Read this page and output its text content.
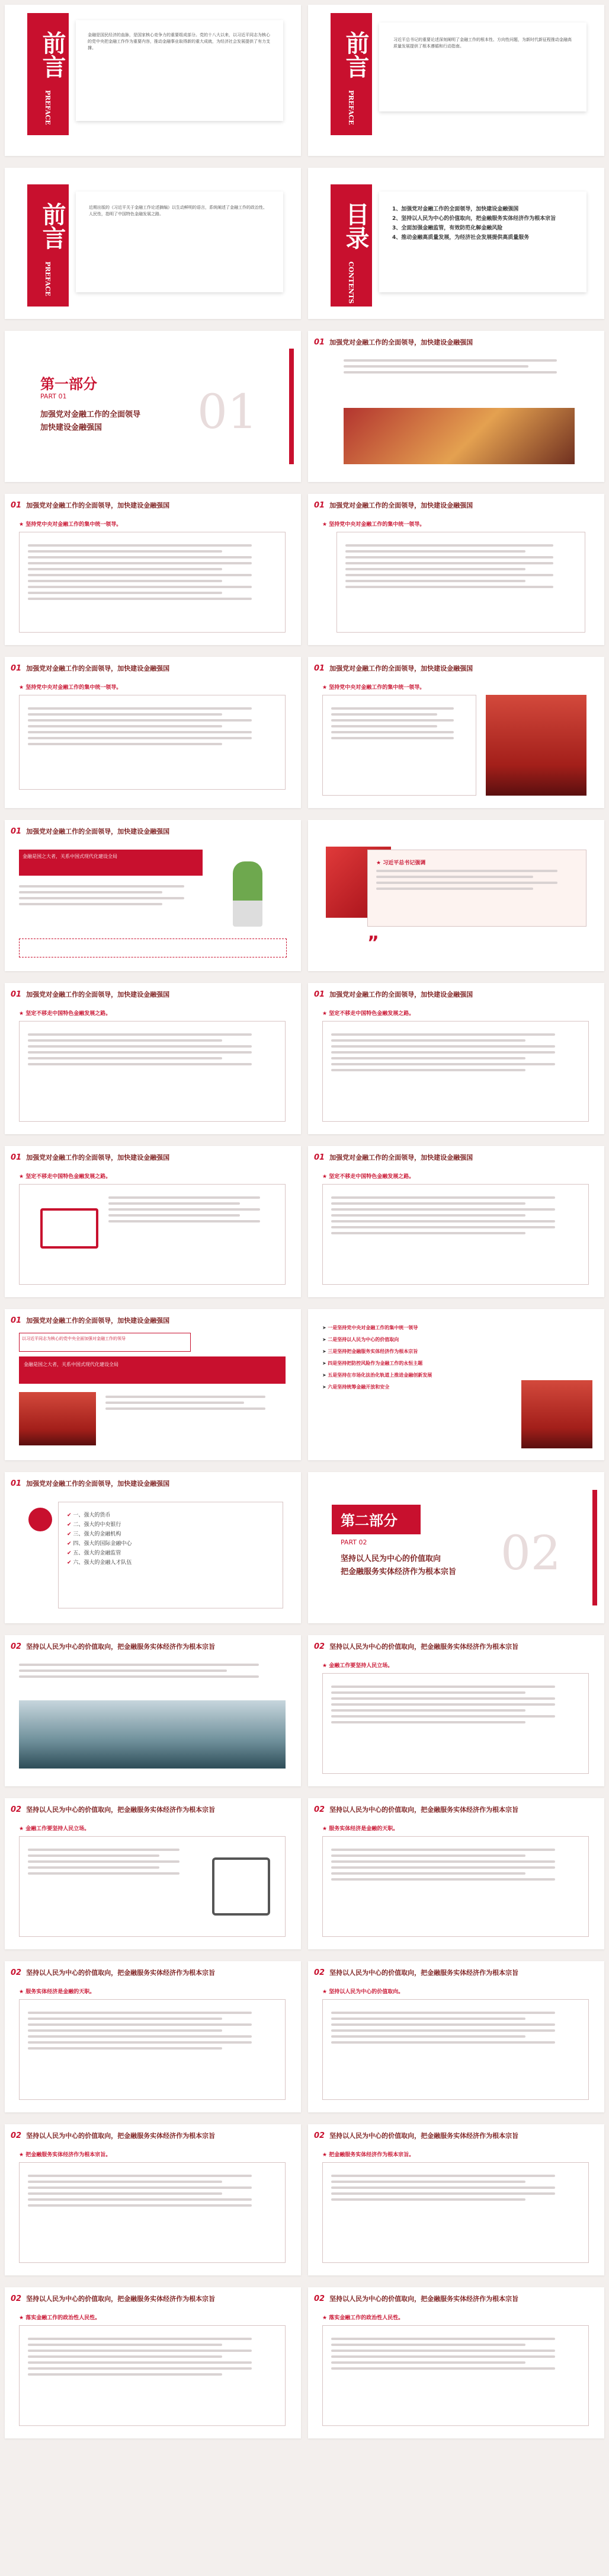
前言
PREFACE
金融是国民经济的血脉，是国家核心竞争力的重要组成部分。党的十八大以来，以习近平同志为核心的党中央把金融工作作为重要内容，推动金融事业取得新的重大成就，为经济社会发展提供了有力支撑。	前言
PREFACE
习近平总书记的重要论述深刻阐明了金融工作的根本性、方向性问题，为新时代新征程推动金融高质量发展提供了根本遵循和行动指南。
前言
PREFACE
近期出版的《习近平关于金融工作论述摘编》以生动鲜明的语言，系统阐述了金融工作的政治性、人民性，指明了中国特色金融发展之路。	目录
CONTENTS
1、加强党对金融工作的全面领导，加快建设金融强国
2、坚持以人民为中心的价值取向，把金融服务实体经济作为根本宗旨
3、全面加强金融监管，有效防范化解金融风险
4、推动金融高质量发展，为经济社会发展提供高质量服务
第一部分
PART 01
加强党对金融工作的全面领导
加快建设金融强国 01
01 加强党对金融工作的全面领导，加快建设金融强国
01 加强党对金融工作的全面领导，加快建设金融强国
★ 坚持党中央对金融工作的集中统一领导。
01 加强党对金融工作的全面领导，加快建设金融强国
★ 坚持党中央对金融工作的集中统一领导。
01 加强党对金融工作的全面领导，加快建设金融强国
★ 坚持党中央对金融工作的集中统一领导。
01 加强党对金融工作的全面领导，加快建设金融强国
★ 坚持党中央对金融工作的集中统一领导。
01 加强党对金融工作的全面领导，加快建设金融强国
金融是国之大者，关系中国式现代化建设全局
★ 习近平总书记强调
”
01 加强党对金融工作的全面领导，加快建设金融强国
★ 坚定不移走中国特色金融发展之路。
01 加强党对金融工作的全面领导，加快建设金融强国
★ 坚定不移走中国特色金融发展之路。
01 加强党对金融工作的全面领导，加快建设金融强国
★ 坚定不移走中国特色金融发展之路。
01 加强党对金融工作的全面领导，加快建设金融强国
★ 坚定不移走中国特色金融发展之路。
01 加强党对金融工作的全面领导，加快建设金融强国
以习近平同志为核心的党中央全面加强对金融工作的领导
金融是国之大者，关系中国式现代化建设全局
➤ 一是坚持党中央对金融工作的集中统一领导
➤ 二是坚持以人民为中心的价值取向
➤ 三是坚持把金融服务实体经济作为根本宗旨
➤ 四是坚持把防控风险作为金融工作的永恒主题
➤ 五是坚持在市场化法治化轨道上推进金融创新发展
➤ 六是坚持统筹金融开放和安全
01 加强党对金融工作的全面领导，加快建设金融强国
✔ 一、强大的货币
✔ 二、强大的中央银行
✔ 三、强大的金融机构
✔ 四、强大的国际金融中心
✔ 五、强大的金融监管
✔ 六、强大的金融人才队伍
第二部分
PART 02
坚持以人民为中心的价值取向
把金融服务实体经济作为根本宗旨 02
02 坚持以人民为中心的价值取向，把金融服务实体经济作为根本宗旨	02 坚持以人民为中心的价值取向，把金融服务实体经济作为根本宗旨
★ 金融工作要坚持人民立场。
02 坚持以人民为中心的价值取向，把金融服务实体经济作为根本宗旨
★ 金融工作要坚持人民立场。
02 坚持以人民为中心的价值取向，把金融服务实体经济作为根本宗旨
★ 服务实体经济是金融的天职。
02 坚持以人民为中心的价值取向，把金融服务实体经济作为根本宗旨
★ 服务实体经济是金融的天职。
02 坚持以人民为中心的价值取向，把金融服务实体经济作为根本宗旨
★ 坚持以人民为中心的价值取向。
02 坚持以人民为中心的价值取向，把金融服务实体经济作为根本宗旨
★ 把金融服务实体经济作为根本宗旨。
02 坚持以人民为中心的价值取向，把金融服务实体经济作为根本宗旨
★ 把金融服务实体经济作为根本宗旨。
02 坚持以人民为中心的价值取向，把金融服务实体经济作为根本宗旨
★ 落实金融工作的政治性人民性。
02 坚持以人民为中心的价值取向，把金融服务实体经济作为根本宗旨
★ 落实金融工作的政治性人民性。
